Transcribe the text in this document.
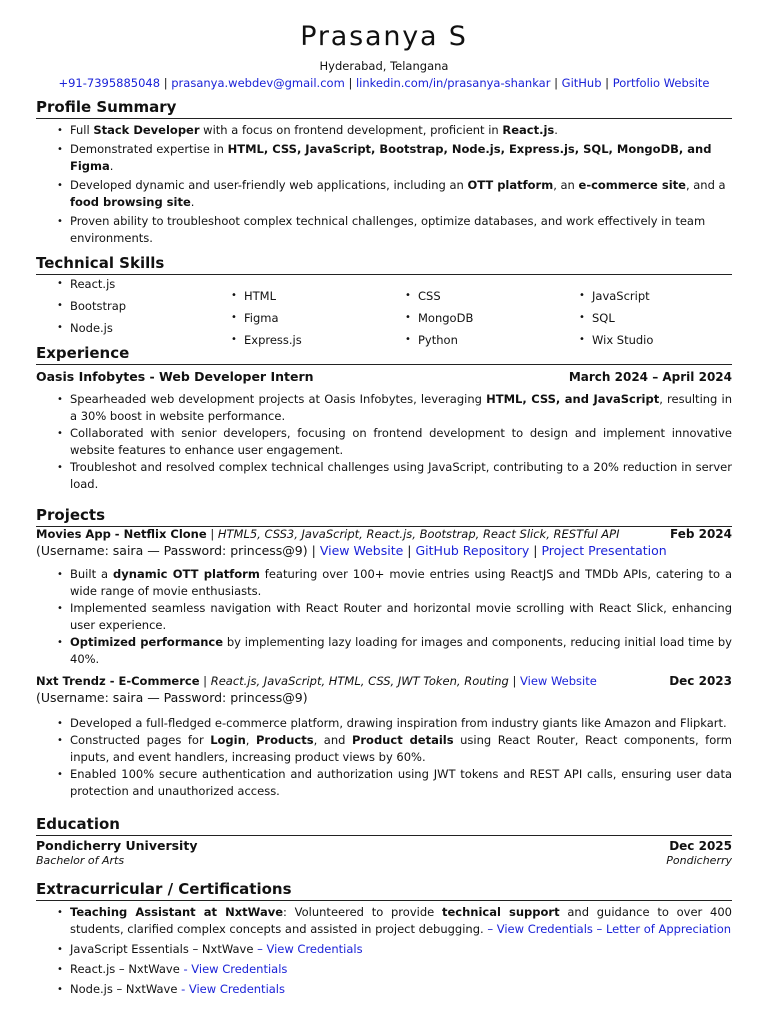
Prasanya S
Hyderabad, Telangana
+91-7395885048 | prasanya.webdev@gmail.com | linkedin.com/in/prasanya-shankar | GitHub | Portfolio Website
Profile Summary
• Full Stack Developer with a focus on frontend development, proficient in React.js.
• Demonstrated expertise in HTML, CSS, JavaScript, Bootstrap, Node.js, Express.js, SQL, MongoDB, and Figma.
• Developed dynamic and user-friendly web applications, including an OTT platform, an e-commerce site, and a food browsing site.
• Proven ability to troubleshoot complex technical challenges, optimize databases, and work effectively in team environments.
Technical Skills
• React.js
• Bootstrap
• Node.js
• HTML
• Figma
• Express.js
• CSS
• MongoDB
• Python
• JavaScript
• SQL
• Wix Studio
Experience
Oasis Infobytes - Web Developer Intern	March 2024 – April 2024
• Spearheaded web development projects at Oasis Infobytes, leveraging HTML, CSS, and JavaScript, resulting in a 30% boost in website performance.
• Collaborated with senior developers, focusing on frontend development to design and implement innovative website features to enhance user engagement.
• Troubleshot and resolved complex technical challenges using JavaScript, contributing to a 20% reduction in server load.
Projects
Movies App - Netflix Clone | HTML5, CSS3, JavaScript, React.js, Bootstrap, React Slick, RESTful API	Feb 2024
(Username: saira — Password: princess@9) | View Website | GitHub Repository | Project Presentation
• Built a dynamic OTT platform featuring over 100+ movie entries using ReactJS and TMDb APIs, catering to a wide range of movie enthusiasts.
• Implemented seamless navigation with React Router and horizontal movie scrolling with React Slick, enhancing user experience.
• Optimized performance by implementing lazy loading for images and components, reducing initial load time by 40%.
Nxt Trendz - E-Commerce | React.js, JavaScript, HTML, CSS, JWT Token, Routing | View Website	Dec 2023
(Username: saira — Password: princess@9)
• Developed a full-fledged e-commerce platform, drawing inspiration from industry giants like Amazon and Flipkart.
• Constructed pages for Login, Products, and Product details using React Router, React components, form inputs, and event handlers, increasing product views by 60%.
• Enabled 100% secure authentication and authorization using JWT tokens and REST API calls, ensuring user data protection and unauthorized access.
Education
Pondicherry University	Dec 2025
Bachelor of Arts	Pondicherry
Extracurricular / Certifications
• Teaching Assistant at NxtWave: Volunteered to provide technical support and guidance to over 400 students, clarified complex concepts and assisted in project debugging. – View Credentials – Letter of Appreciation
• JavaScript Essentials – NxtWave – View Credentials
• React.js – NxtWave - View Credentials
• Node.js – NxtWave - View Credentials
